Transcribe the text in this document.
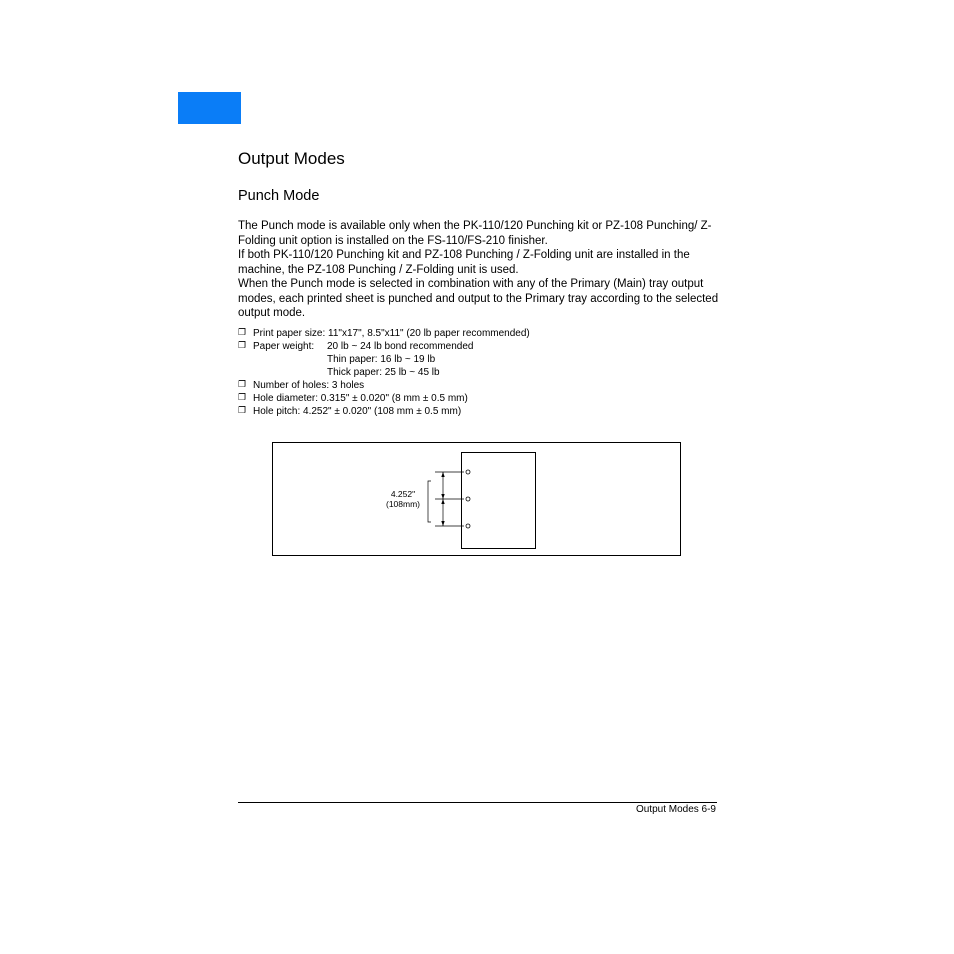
Output Modes
Punch Mode

The Punch mode is available only when the PK-110/120 Punching kit or PZ-108 Punching/ Z-Folding unit option is installed on the FS-110/FS-210 finisher.

If both PK-110/120 Punching kit and PZ-108 Punching / Z-Folding unit are installed in the machine, the PZ-108 Punching / Z-Folding unit is used.

When the Punch mode is selected in combination with any of the Primary (Main) tray output modes, each printed sheet is punched and output to the Primary tray according to the selected output mode.

❐ Print paper size: 11"x17", 8.5"x11" (20 lb paper recommended)
❐ Paper weight: 20 lb ~ 24 lb bond recommended
Thin paper: 16 lb ~ 19 lb
Thick paper: 25 lb ~ 45 lb
❐ Number of holes: 3 holes
❐ Hole diameter: 0.315" ± 0.020" (8 mm ± 0.5 mm)
❐ Hole pitch: 4.252" ± 0.020" (108 mm ± 0.5 mm)
4.252"
(108mm)
Output Modes 6-9
